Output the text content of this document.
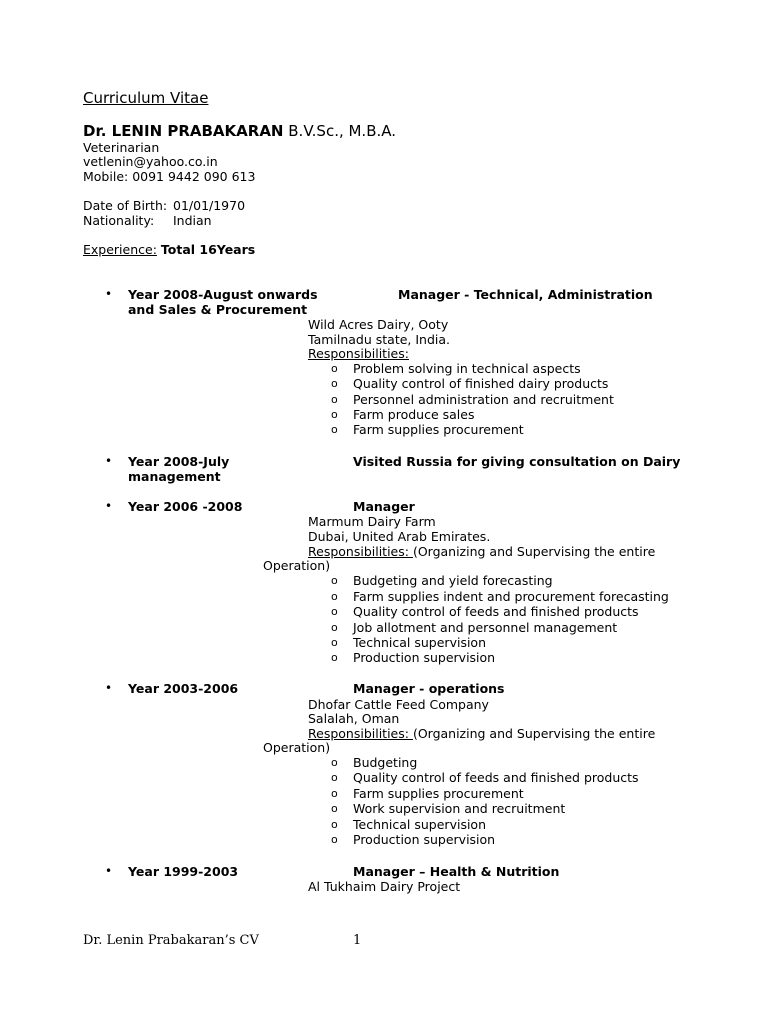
Curriculum Vitae
Dr. LENIN PRABAKARAN B.V.Sc., M.B.A.
Veterinarian
vetlenin@yahoo.co.in
Mobile: 0091 9442 090 613
Date of Birth: 01/01/1970
Nationality: Indian
Experience: Total 16Years
• Year 2008-August onwards	Manager - Technical, Administration
and Sales & Procurement
Wild Acres Dairy, Ooty
Tamilnadu state, India.
Responsibilities:
o Problem solving in technical aspects
o Quality control of finished dairy products
o Personnel administration and recruitment
o Farm produce sales
o Farm supplies procurement
• Year 2008-July	Visited Russia for giving consultation on Dairy
management
• Year 2006 -2008	Manager
Marmum Dairy Farm
Dubai, United Arab Emirates.
Responsibilities: (Organizing and Supervising the entire
Operation)
o Budgeting and yield forecasting
o Farm supplies indent and procurement forecasting
o Quality control of feeds and finished products
o Job allotment and personnel management
o Technical supervision
o Production supervision
• Year 2003-2006	Manager - operations
Dhofar Cattle Feed Company
Salalah, Oman
Responsibilities: (Organizing and Supervising the entire
Operation)
o Budgeting
o Quality control of feeds and finished products
o Farm supplies procurement
o Work supervision and recruitment
o Technical supervision
o Production supervision
• Year 1999-2003	Manager – Health & Nutrition
Al Tukhaim Dairy Project
Dr. Lenin Prabakaran’s CV	1
